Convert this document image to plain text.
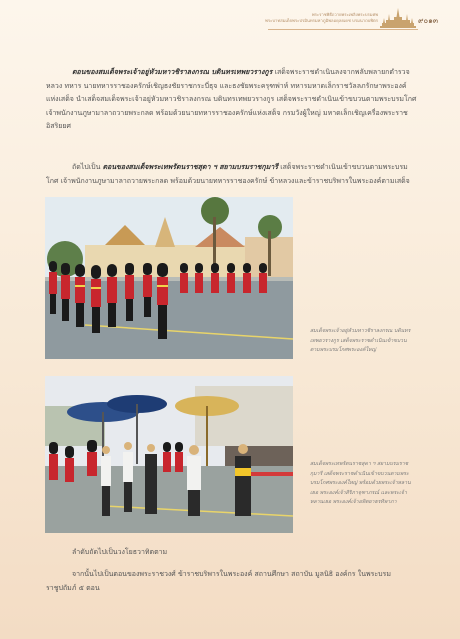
พระราชพิธีถวายพระเพลิงพระบรมศพ
พระบาทสมเด็จพระปรมินทรมหาภูมิพลอดุลยเดช บรมนาถบพิตร	๙๐๑๓
ตอนของสมเด็จพระเจ้าอยู่หัวมหาวชิราลงกรณ บดินทรเทพยวรางกูร เสด็จพระราชดำเนินลงจากพลับพลายกตำรวจหลวง ทหาร นายทหารราชองครักษ์เชิญธงชัยราชกระบี่ธุจ และธงชัยพระครุฑพ่าห์ ทหารมหาดเล็กราชวัลลภรักษาพระองค์แห่งเสด็จ นำเสด็จสมเด็จพระเจ้าอยู่หัวมหาวชิราลงกรณ บดินทรเทพยวรางกูร เสด็จพระราชดำเนินเข้าขบวนตามพระบรมโกศ เจ้าพนักงานภูษามาลาถวายพระกลด พร้อมด้วยนายทหารราชองครักษ์แห่งเสด็จ กรมวังผู้ใหญ่ มหาดเล็กเชิญเครื่องพระราชอิสริยยศ
ถัดไปเป็น ตอนของสมเด็จพระเทพรัตนราชสุดา ฯ สยามบรมราชกุมารี เสด็จพระราชดำเนินเข้าขบวนตามพระบรมโกศ เจ้าพนักงานภูษามาลาถวายพระกลด พร้อมด้วยนายทหารราชองครักษ์ ข้าหลวงและข้าราชบริพารในพระองค์ตามเสด็จ
สมเด็จพระเจ้าอยู่หัวมหาวชิราลงกรณ บดินทรเทพยวรางกูร เสด็จพระราชดำเนินเข้าขบวนตามพระบรมโกศพระองค์ใหญ่
สมเด็จพระเทพรัตนราชสุดา ฯ สยามบรมราชกุมารี เสด็จพระราชดำเนินเข้าขบวนตามพระบรมโกศพระองค์ใหญ่ พร้อมด้วยพระเจ้าหลานเธอ พระองค์เจ้าสิริภาจุฑาภรณ์ และพระเจ้าหลานเธอ พระองค์เจ้าอทิตยาธรทิพาภา
ลำดับถัดไปเป็นวงโยธวาทิตตาม
จากนั้นไปเป็นตอนของพระราชวงศ์ ข้าราชบริพารในพระองค์ สถานศึกษา สถาบัน มูลนิธิ องค์กร ในพระบรมราชูปถัมภ์ ๕ ตอน
